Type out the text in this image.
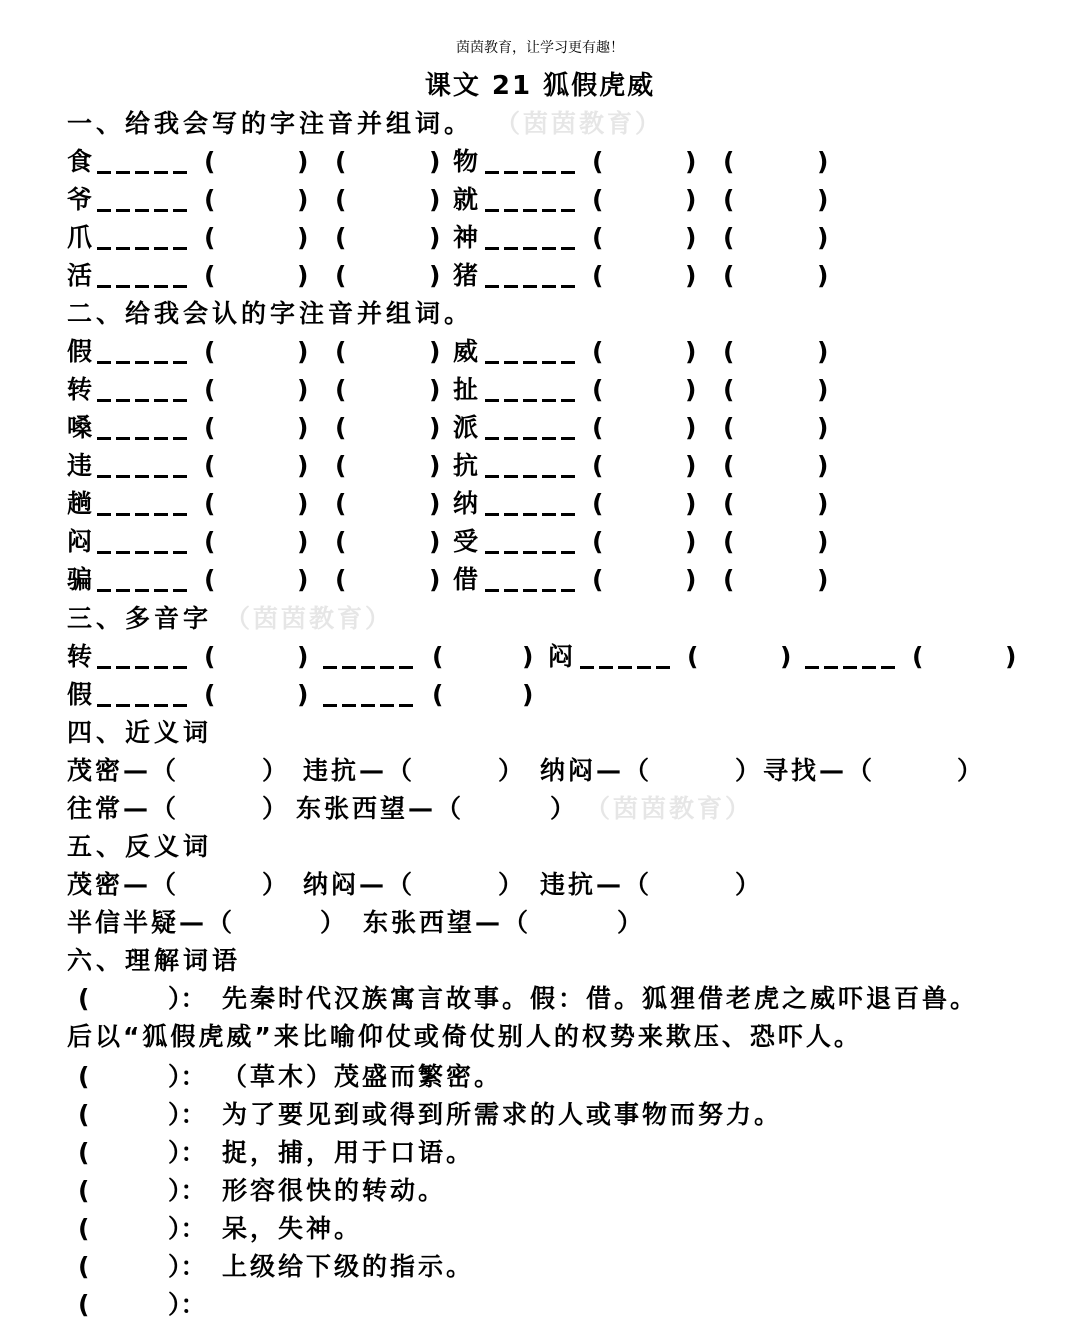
茵茵教育，让学习更有趣！
课文 21 狐假虎威
一、给我会写的字注音并组词。 （茵茵教育）
食	(	) (	) 物	(	) (	)
爷	(	) (	) 就	(	) (	)
爪	(	) (	) 神	(	) (	)
活	(	) (	) 猪	(	) (	)
二、给我会认的字注音并组词。
假	(	) (	) 威	(	) (	)
转	(	) (	) 扯	(	) (	)
嗓	(	) (	) 派	(	) (	)
违	(	) (	) 抗	(	) (	)
趟	(	) (	) 纳	(	) (	)
闷	(	) (	) 受	(	) (	)
骗	(	) (	) 借	(	) (	)
三、多音字 （茵茵教育）
转	(	)	(	) 闷	(	)	(	)
假	(	)	(	)
四、近义词
茂密—（	） 违抗—（	） 纳闷—（	）寻找—（	）
往常—（	） 东张西望—（	） （茵茵教育）
五、反义词
茂密—（	） 纳闷—（	） 违抗—（	）
半信半疑—（	） 东张西望—（	）
六、理解词语
(	）： 先秦时代汉族寓言故事。假：借。狐狸借老虎之威吓退百兽。
(	）： （草木）茂盛而繁密。
(	）： 为了要见到或得到所需求的人或事物而努力。
(	）： 捉，捕，用于口语。
(	）： 形容很快的转动。
(	）： 呆，失神。
(	）： 上级给下级的指示。
(	）：
后以“狐假虎威”来比喻仰仗或倚仗别人的权势来欺压、恐吓人。
